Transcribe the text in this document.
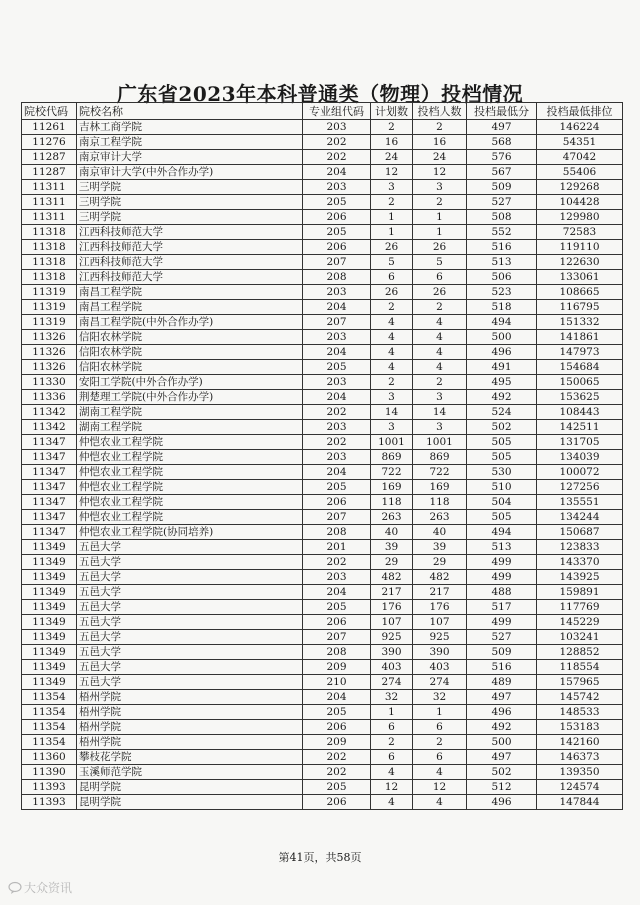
广东省2023年本科普通类（物理）投档情况
院校代码	院校名称	专业组代码	计划数	投档人数	投档最低分	投档最低排位
11261	吉林工商学院	203	2	2	497	146224
11276	南京工程学院	202	16	16	568	54351
11287	南京审计大学	202	24	24	576	47042
11287	南京审计大学(中外合作办学)	204	12	12	567	55406
11311	三明学院	203	3	3	509	129268
11311	三明学院	205	2	2	527	104428
11311	三明学院	206	1	1	508	129980
11318	江西科技师范大学	205	1	1	552	72583
11318	江西科技师范大学	206	26	26	516	119110
11318	江西科技师范大学	207	5	5	513	122630
11318	江西科技师范大学	208	6	6	506	133061
11319	南昌工程学院	203	26	26	523	108665
11319	南昌工程学院	204	2	2	518	116795
11319	南昌工程学院(中外合作办学)	207	4	4	494	151332
11326	信阳农林学院	203	4	4	500	141861
11326	信阳农林学院	204	4	4	496	147973
11326	信阳农林学院	205	4	4	491	154684
11330	安阳工学院(中外合作办学)	203	2	2	495	150065
11336	荆楚理工学院(中外合作办学)	204	3	3	492	153625
11342	湖南工程学院	202	14	14	524	108443
11342	湖南工程学院	203	3	3	502	142511
11347	仲恺农业工程学院	202	1001	1001	505	131705
11347	仲恺农业工程学院	203	869	869	505	134039
11347	仲恺农业工程学院	204	722	722	530	100072
11347	仲恺农业工程学院	205	169	169	510	127256
11347	仲恺农业工程学院	206	118	118	504	135551
11347	仲恺农业工程学院	207	263	263	505	134244
11347	仲恺农业工程学院(协同培养)	208	40	40	494	150687
11349	五邑大学	201	39	39	513	123833
11349	五邑大学	202	29	29	499	143370
11349	五邑大学	203	482	482	499	143925
11349	五邑大学	204	217	217	488	159891
11349	五邑大学	205	176	176	517	117769
11349	五邑大学	206	107	107	499	145229
11349	五邑大学	207	925	925	527	103241
11349	五邑大学	208	390	390	509	128852
11349	五邑大学	209	403	403	516	118554
11349	五邑大学	210	274	274	489	157965
11354	梧州学院	204	32	32	497	145742
11354	梧州学院	205	1	1	496	148533
11354	梧州学院	206	6	6	492	153183
11354	梧州学院	209	2	2	500	142160
11360	攀枝花学院	202	6	6	497	146373
11390	玉溪师范学院	202	4	4	502	139350
11393	昆明学院	205	12	12	512	124574
11393	昆明学院	206	4	4	496	147844
第41页，共58页
大众资讯
